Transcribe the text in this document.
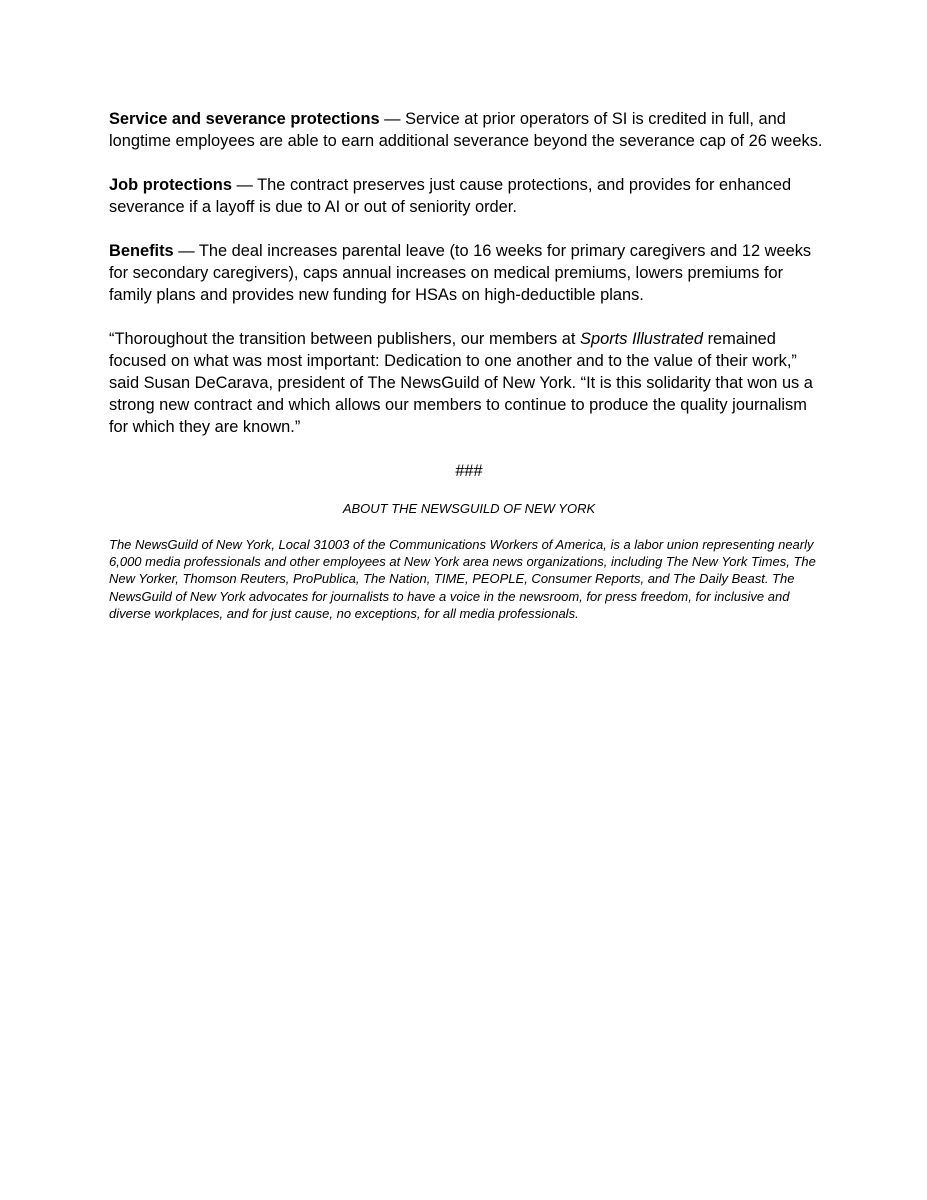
Service and severance protections — Service at prior operators of SI is credited in full, and longtime employees are able to earn additional severance beyond the severance cap of 26 weeks.

Job protections — The contract preserves just cause protections, and provides for enhanced severance if a layoff is due to AI or out of seniority order.

Benefits — The deal increases parental leave (to 16 weeks for primary caregivers and 12 weeks for secondary caregivers), caps annual increases on medical premiums, lowers premiums for family plans and provides new funding for HSAs on high-deductible plans.

“Thoroughout the transition between publishers, our members at Sports Illustrated remained focused on what was most important: Dedication to one another and to the value of their work,” said Susan DeCarava, president of The NewsGuild of New York. “It is this solidarity that won us a strong new contract and which allows our members to continue to produce the quality journalism for which they are known.”

###

ABOUT THE NEWSGUILD OF NEW YORK

The NewsGuild of New York, Local 31003 of the Communications Workers of America, is a labor union representing nearly 6,000 media professionals and other employees at New York area news organizations, including The New York Times, The New Yorker, Thomson Reuters, ProPublica, The Nation, TIME, PEOPLE, Consumer Reports, and The Daily Beast. The NewsGuild of New York advocates for journalists to have a voice in the newsroom, for press freedom, for inclusive and diverse workplaces, and for just cause, no exceptions, for all media professionals.
